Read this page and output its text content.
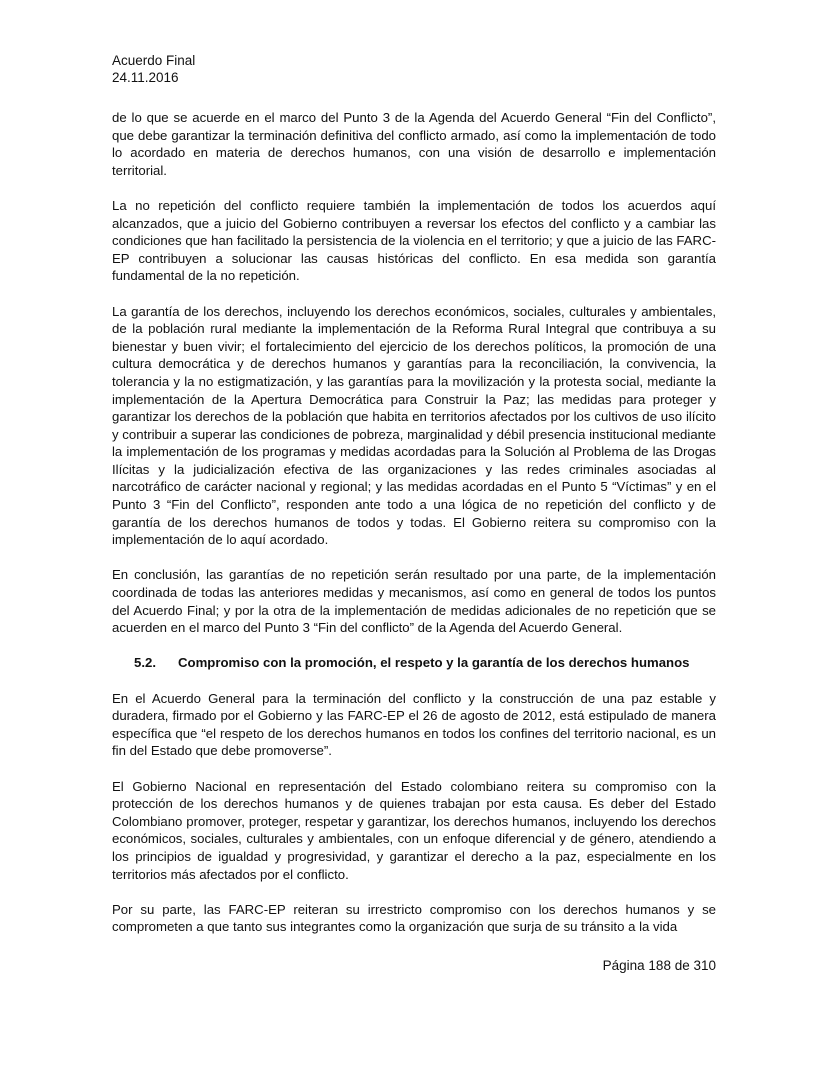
Acuerdo Final
24.11.2016

de lo que se acuerde en el marco del Punto 3 de la Agenda del Acuerdo General “Fin del Conflicto”, que debe garantizar la terminación definitiva del conflicto armado, así como la implementación de todo lo acordado en materia de derechos humanos, con una visión de desarrollo e implementación territorial.

La no repetición del conflicto requiere también la implementación de todos los acuerdos aquí alcanzados, que a juicio del Gobierno contribuyen a reversar los efectos del conflicto y a cambiar las condiciones que han facilitado la persistencia de la violencia en el territorio; y que a juicio de las FARC-EP contribuyen a solucionar las causas históricas del conflicto. En esa medida son garantía fundamental de la no repetición.

La garantía de los derechos, incluyendo los derechos económicos, sociales, culturales y ambientales, de la población rural mediante la implementación de la Reforma Rural Integral que contribuya a su bienestar y buen vivir; el fortalecimiento del ejercicio de los derechos políticos, la promoción de una cultura democrática y de derechos humanos y garantías para la reconciliación, la convivencia, la tolerancia y la no estigmatización, y las garantías para la movilización y la protesta social, mediante la implementación de la Apertura Democrática para Construir la Paz; las medidas para proteger y garantizar los derechos de la población que habita en territorios afectados por los cultivos de uso ilícito y contribuir a superar las condiciones de pobreza, marginalidad y débil presencia institucional mediante la implementación de los programas y medidas acordadas para la Solución al Problema de las Drogas Ilícitas y la judicialización efectiva de las organizaciones y las redes criminales asociadas al narcotráfico de carácter nacional y regional; y las medidas acordadas en el Punto 5 “Víctimas” y en el Punto 3 “Fin del Conflicto”, responden ante todo a una lógica de no repetición del conflicto y de garantía de los derechos humanos de todos y todas. El Gobierno reitera su compromiso con la implementación de lo aquí acordado.

En conclusión, las garantías de no repetición serán resultado por una parte, de la implementación coordinada de todas las anteriores medidas y mecanismos, así como en general de todos los puntos del Acuerdo Final; y por la otra de la implementación de medidas adicionales de no repetición que se acuerden en el marco del Punto 3 “Fin del conflicto” de la Agenda del Acuerdo General.

5.2.	Compromiso con la promoción, el respeto y la garantía de los derechos humanos

En el Acuerdo General para la terminación del conflicto y la construcción de una paz estable y duradera, firmado por el Gobierno y las FARC-EP el 26 de agosto de 2012, está estipulado de manera específica que “el respeto de los derechos humanos en todos los confines del territorio nacional, es un fin del Estado que debe promoverse”.

El Gobierno Nacional en representación del Estado colombiano reitera su compromiso con la protección de los derechos humanos y de quienes trabajan por esta causa. Es deber del Estado Colombiano promover, proteger, respetar y garantizar, los derechos humanos, incluyendo los derechos económicos, sociales, culturales y ambientales, con un enfoque diferencial y de género, atendiendo a los principios de igualdad y progresividad, y garantizar el derecho a la paz, especialmente en los territorios más afectados por el conflicto.

Por su parte, las FARC-EP reiteran su irrestricto compromiso con los derechos humanos y se comprometen a que tanto sus integrantes como la organización que surja de su tránsito a la vida

Página 188 de 310
